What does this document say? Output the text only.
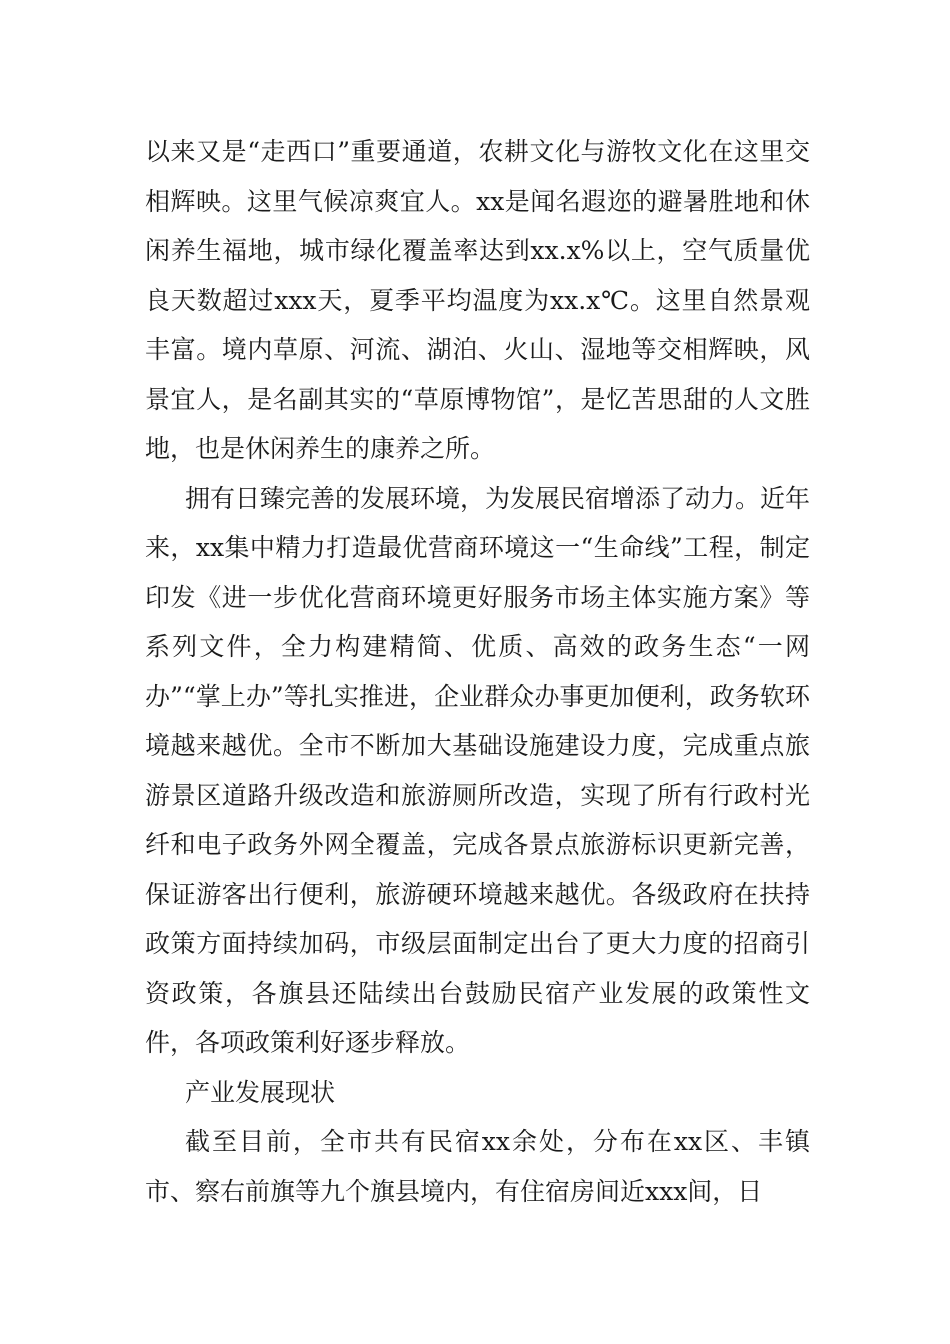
以来又是“走西口”重要通道，农耕文化与游牧文化在这里交相辉映。这里气候凉爽宜人。xx是闻名遐迩的避暑胜地和休闲养生福地，城市绿化覆盖率达到xx.x%以上，空气质量优良天数超过xxx天，夏季平均温度为xx.x℃。这里自然景观丰富。境内草原、河流、湖泊、火山、湿地等交相辉映，风景宜人，是名副其实的“草原博物馆”，是忆苦思甜的人文胜地，也是休闲养生的康养之所。

拥有日臻完善的发展环境，为发展民宿增添了动力。近年来，xx集中精力打造最优营商环境这一“生命线”工程，制定印发《进一步优化营商环境更好服务市场主体实施方案》等系列文件，全力构建精简、优质、高效的政务生态“一网办”“掌上办”等扎实推进，企业群众办事更加便利，政务软环境越来越优。全市不断加大基础设施建设力度，完成重点旅游景区道路升级改造和旅游厕所改造，实现了所有行政村光纤和电子政务外网全覆盖，完成各景点旅游标识更新完善，保证游客出行便利，旅游硬环境越来越优。各级政府在扶持政策方面持续加码，市级层面制定出台了更大力度的招商引资政策，各旗县还陆续出台鼓励民宿产业发展的政策性文件，各项政策利好逐步释放。

产业发展现状

截至目前，全市共有民宿xx余处，分布在xx区、丰镇市、察右前旗等九个旗县境内，有住宿房间近xxx间，日
